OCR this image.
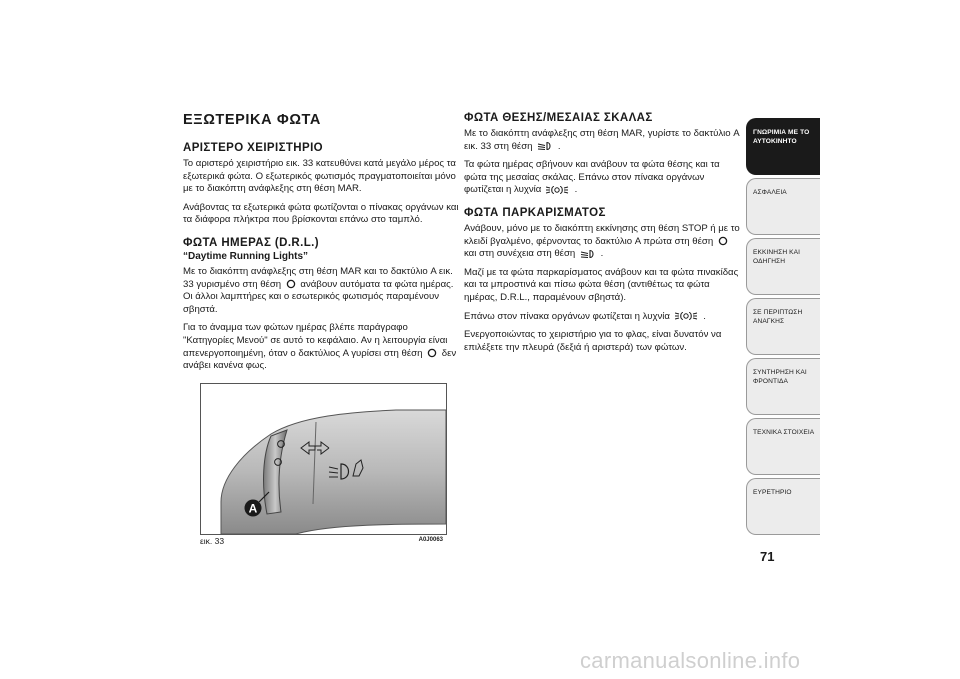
ΕΞΩΤΕΡΙΚΑ ΦΩΤΑ
ΑΡΙΣΤΕΡΟ ΧΕΙΡΙΣΤΗΡΙΟ

Το αριστερό χειριστήριο εικ. 33 κατευθύνει κατά μεγάλο μέρος τα εξωτερικά φώτα. Ο εξωτερικός φωτισμός πραγματοποιείται μόνο με το διακόπτη ανάφλεξης στη θέση MAR.

Ανάβοντας τα εξωτερικά φώτα φωτίζονται ο πίνακας οργάνων και τα διάφορα πλήκτρα που βρίσκονται επάνω στο ταμπλό.

ΦΩΤΑ ΗΜΕΡΑΣ (D.R.L.)
“Daytime Running Lights”

Με το διακόπτη ανάφλεξης στη θέση MAR και το δακτύλιο A εικ. 33 γυρισμένο στη θέση ανάβουν αυτόματα τα φώτα ημέρας. Οι άλλοι λαμπτήρες και ο εσωτερικός φωτισμός παραμένουν σβηστά.

Για το άναμμα των φώτων ημέρας βλέπε παράγραφο "Κατηγορίες Μενού" σε αυτό το κεφάλαιο. Αν η λειτουργία είναι απενεργοποιημένη, όταν ο δακτύλιος A γυρίσει στη θέση δεν ανάβει κανένα φως.

ΦΩΤΑ ΘΕΣΗΣ/ΜΕΣΑΙΑΣ ΣΚΑΛΑΣ

Με το διακόπτη ανάφλεξης στη θέση MAR, γυρίστε το δακτύλιο A εικ. 33 στη θέση	.

Τα φώτα ημέρας σβήνουν και ανάβουν τα φώτα θέσης και τα φώτα της μεσαίας σκάλας. Επάνω στον πίνακα οργάνων φωτίζεται η λυχνία	.

ΦΩΤΑ ΠΑΡΚΑΡΙΣΜΑΤΟΣ

Ανάβουν, μόνο με το διακόπτη εκκίνησης στη θέση STOP ή με το κλειδί βγαλμένο, φέρνοντας το δακτύλιο A πρώτα στη θέση  και στη συνέχεια στη θέση	.

Μαζί με τα φώτα παρκαρίσματος ανάβουν και τα φώτα πινακίδας και τα μπροστινά και πίσω φώτα θέση (αντιθέτως τα φώτα ημέρας, D.R.L., παραμένουν σβηστά).

Επάνω στον πίνακα οργάνων φωτίζεται η λυχνία	.

Ενεργοποιώντας το χειριστήριο για το φλας, είναι δυνατόν να επιλέξετε την πλευρά (δεξιά ή αριστερά) των φώτων.

A
εικ. 33	A0J0063
ΓΝΩΡΙΜΙΑ ΜΕ ΤΟ ΑΥΤΟΚΙΝΗΤΟ
ΑΣΦΑΛΕΙΑ
ΕΚΚΙΝΗΣΗ ΚΑΙ ΟΔΗΓΗΣΗ
ΣΕ ΠΕΡΙΠΤΩΣΗ ΑΝΑΓΚΗΣ
ΣΥΝΤΗΡΗΣΗ ΚΑΙ ΦΡΟΝΤΙΔΑ
ΤΕΧΝΙΚΑ ΣΤΟΙΧΕΙΑ
ΕΥΡΕΤΗΡΙΟ
71
carmanualsonline.info
